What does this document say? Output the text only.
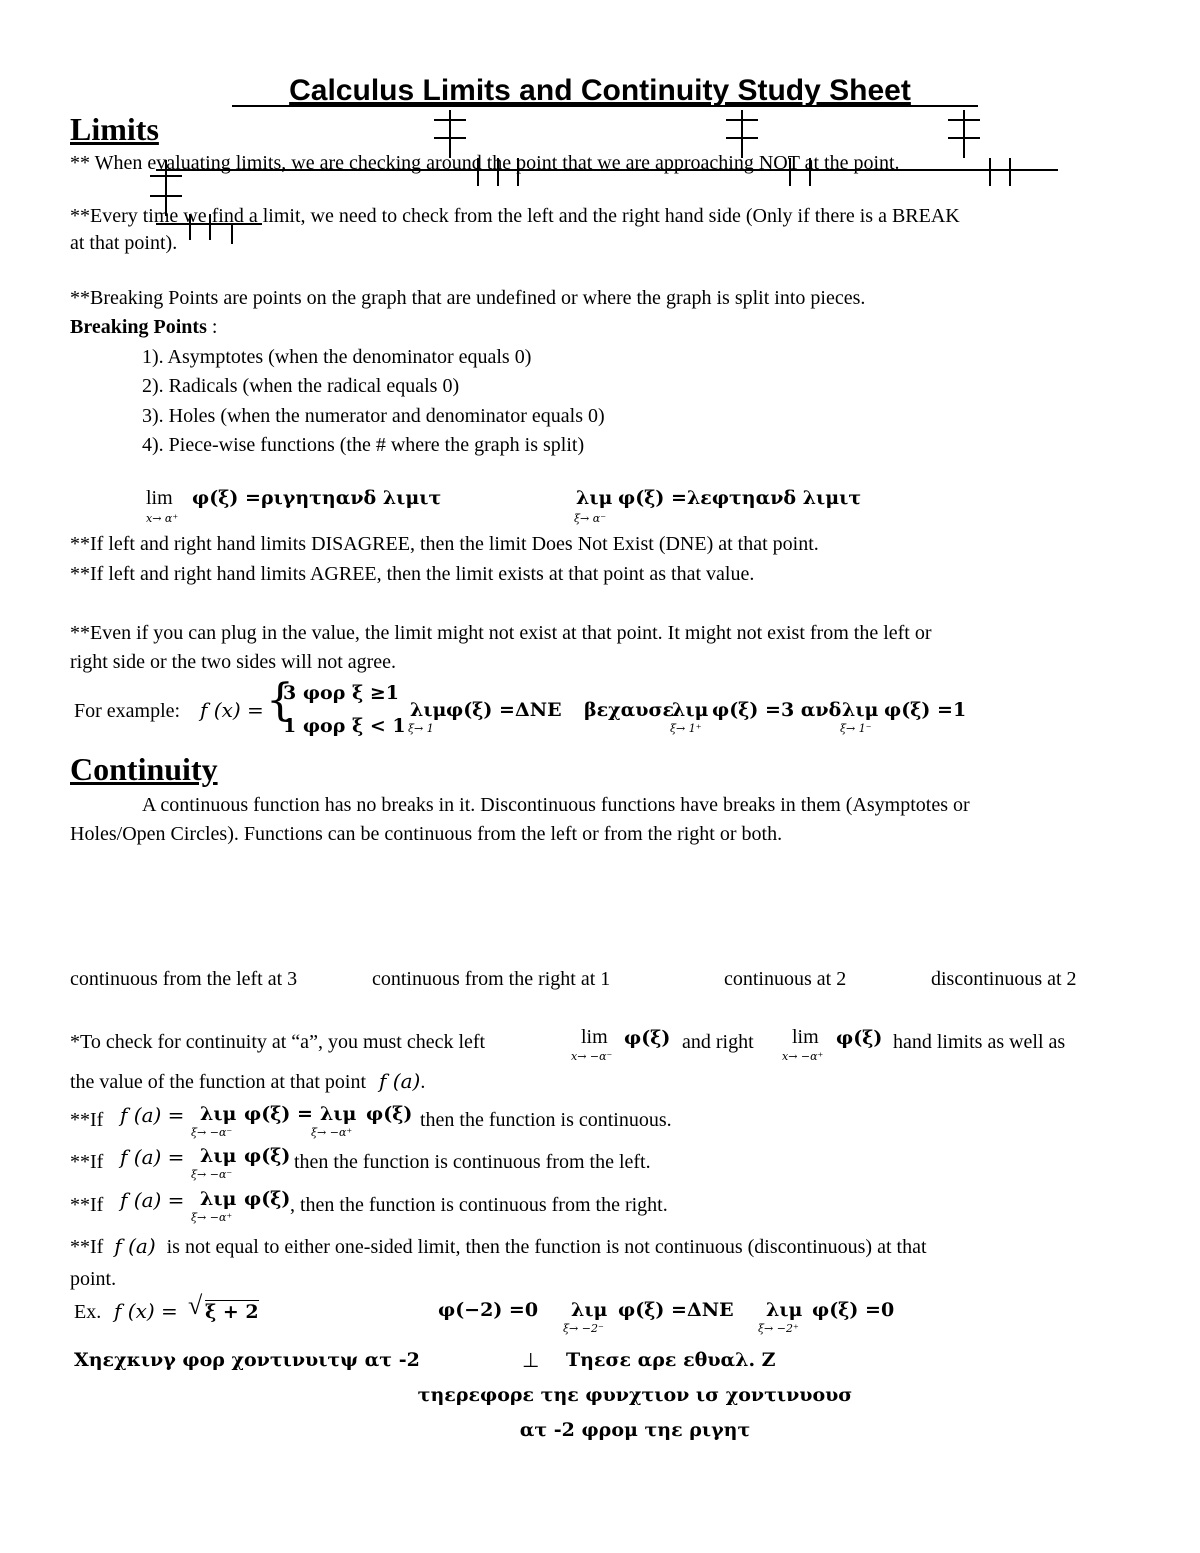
Calculus Limits and Continuity Study Sheet
Limits
** When evaluating limits, we are checking around the point that we are approaching NOT at the point.
**Every time we find a limit, we need to check from the left and the right hand side (Only if there is a BREAK
at that point).
**Breaking Points are points on the graph that are undefined or where the graph is split into pieces.
Breaking Points :
1). Asymptotes (when the denominator equals 0)
2). Radicals (when the radical equals 0)
3). Holes (when the numerator and denominator equals 0)
4). Piece-wise functions (the # where the graph is split)
lim
x→ α⁺
φ(ξ) =ριγητηανδ λιμιτ	λιμ
ξ→ α⁻
φ(ξ) =λεφτηανδ λιμιτ
**If left and right hand limits DISAGREE, then the limit Does Not Exist (DNE) at that point.
**If left and right hand limits AGREE, then the limit exists at that point as that value.
**Even if you can plug in the value, the limit might not exist at that point. It might not exist from the left or
right side or the two sides will not agree.
For example: f (x) = {
3 φορ ξ ≥1
1 φορ ξ < 1
λιμ
ξ→ 1
φ(ξ) =ΔΝΕ βεχαυσε
λιμ
ξ→ 1⁺
φ(ξ) =3 ανδ λιμ
ξ→ 1⁻
φ(ξ) =1
Continuity
A continuous function has no breaks in it. Discontinuous functions have breaks in them (Asymptotes or
Holes/Open Circles). Functions can be continuous from the left or from the right or both.
continuous from the left at 3	continuous from the right at 1	continuous at 2	discontinuous at 2
*To check for continuity at “a”, you must check left	lim
x→ −α⁻
φ(ξ) and right lim
x→ −α⁺
φ(ξ) hand limits as well as
the value of the function at that point f (a).
**If f (a) = λιμ
ξ→ −α⁻
φ(ξ) = λιμ
ξ→ −α⁺
φ(ξ) then the function is continuous.
**If f (a) = λιμ
ξ→ −α⁻
φ(ξ) then the function is continuous from the left.
**If f (a) = λιμ
ξ→ −α⁺
φ(ξ) , then the function is continuous from the right.
**If f (a) is not equal to either one-sided limit, then the function is not continuous (discontinuous) at that
point.
Ex. f (x) = √ ξ + 2	φ(−2) =0 λιμ
ξ→ −2⁻
φ(ξ) =ΔΝΕ λιμ
ξ→ −2⁺
φ(ξ) =0
Χηεχκινγ φορ χοντινυιτψ ατ -2	⊥ Τηεσε αρε εθυαλ. Ζ
τηερεφορε τηε φυνχτιον ισ χοντινυουσ
ατ -2 φρομ τηε ριγητ
